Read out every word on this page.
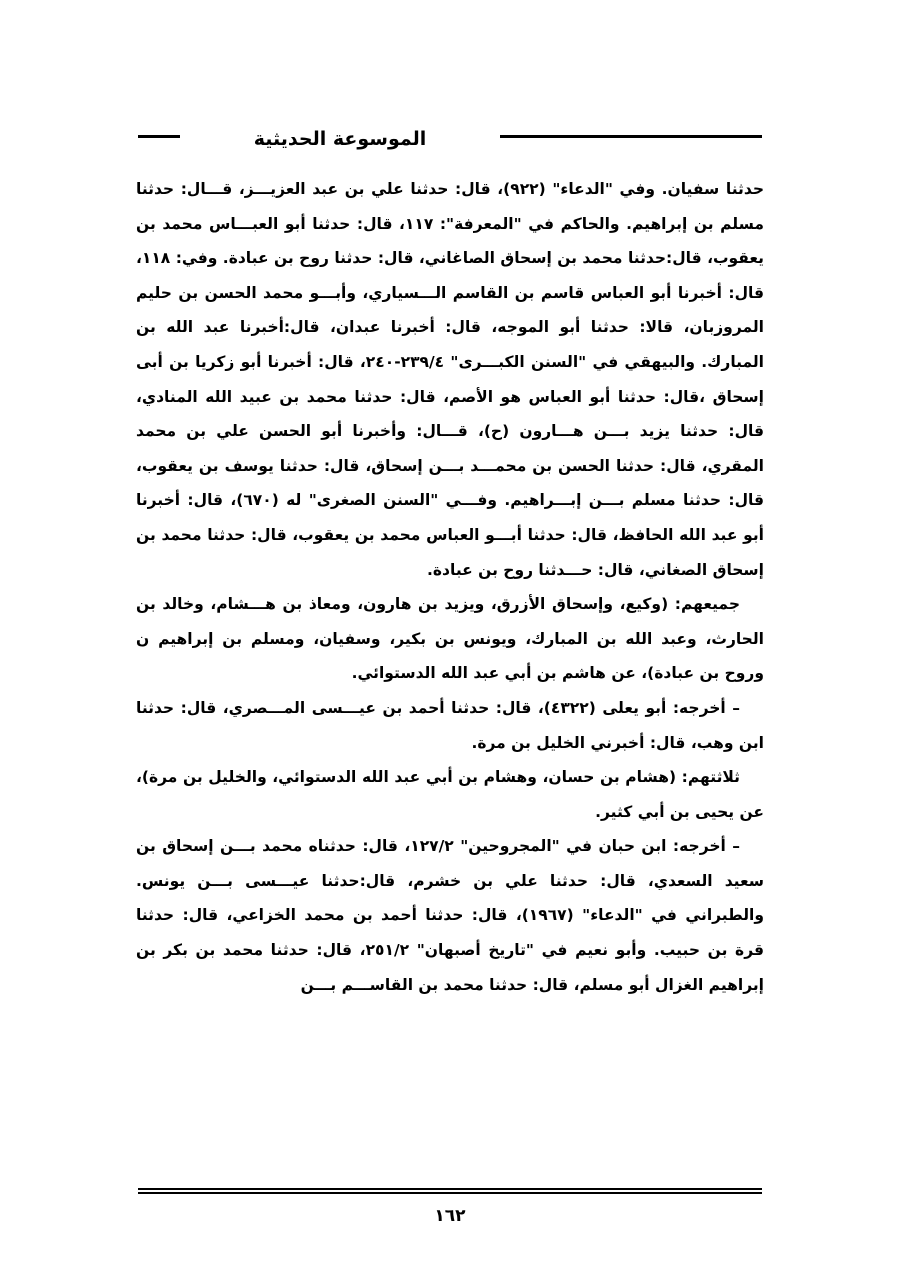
الموسوعة الحديثية

حدثنا سفيان. وفي "الدعاء" (٩٢٢)، قال: حدثنا علي بن عبد العزيـــز، قـــال: حدثنا مسلم بن إبراهيم. والحاكم في "المعرفة": ١١٧، قال: حدثنا أبو العبـــاس محمد بن يعقوب، قال:حدثنا محمد بن إسحاق الصاغاني، قال: حدثنا روح بن عبادة. وفي: ١١٨، قال: أخبرنا أبو العباس قاسم بن القاسم الـــسياري، وأبـــو محمد الحسن بن حليم المروزبان، قالا: حدثنا أبو الموجه، قال: أخبرنا عبدان، قال:أخبرنا عبد الله بن المبارك. والبيهقي في "السنن الكبـــرى" ٢٣٩/٤-٢٤٠، قال: أخبرنا أبو زكريا بن أبى إسحاق ،قال: حدثنا أبو العباس هو الأصم، قال: حدثنا محمد بن عبيد الله المنادي، قال: حدثنا يزيد بـــن هـــارون (ح)، قـــال: وأخبرنا أبو الحسن علي بن محمد المقري، قال: حدثنا الحسن بن محمـــد بـــن إسحاق، قال: حدثنا يوسف بن يعقوب، قال: حدثنا مسلم بـــن إبـــراهيم. وفـــي "السنن الصغرى" له (٦٧٠)، قال: أخبرنا أبو عبد الله الحافظ، قال: حدثنا أبـــو العباس محمد بن يعقوب، قال: حدثنا محمد بن إسحاق الصغاني، قال: حـــدثنا روح بن عبادة.

جميعهم: (وكيع، وإسحاق الأزرق، ويزيد بن هارون، ومعاذ بن هـــشام، وخالد بن الحارث، وعبد الله بن المبارك، ويونس بن بكير، وسفيان، ومسلم بن إبراهيم ن وروح بن عبادة)، عن هاشم بن أبي عبد الله الدستوائي.

– أخرجه: أبو يعلى (٤٣٢٢)، قال: حدثنا أحمد بن عيـــسى المـــصري، قال: حدثنا ابن وهب، قال: أخبرني الخليل بن مرة.

ثلاثتهم: (هشام بن حسان، وهشام بن أبي عبد الله الدستوائي، والخليل بن مرة)، عن يحيى بن أبي كثير.

– أخرجه: ابن حبان في "المجروحين" ١٢٧/٢، قال: حدثناه محمد بـــن إسحاق بن سعيد السعدي، قال: حدثنا علي بن خشرم، قال:حدثنا عيـــسى بـــن يونس. والطبراني في "الدعاء" (١٩٦٧)، قال: حدثنا أحمد بن محمد الخزاعي، قال: حدثنا قرة بن حبيب. وأبو نعيم في "تاريخ أصبهان" ٢٥١/٢، قال: حدثنا محمد بن بكر بن إبراهيم الغزال أبو مسلم، قال: حدثنا محمد بن القاســـم بـــن

١٦٢
